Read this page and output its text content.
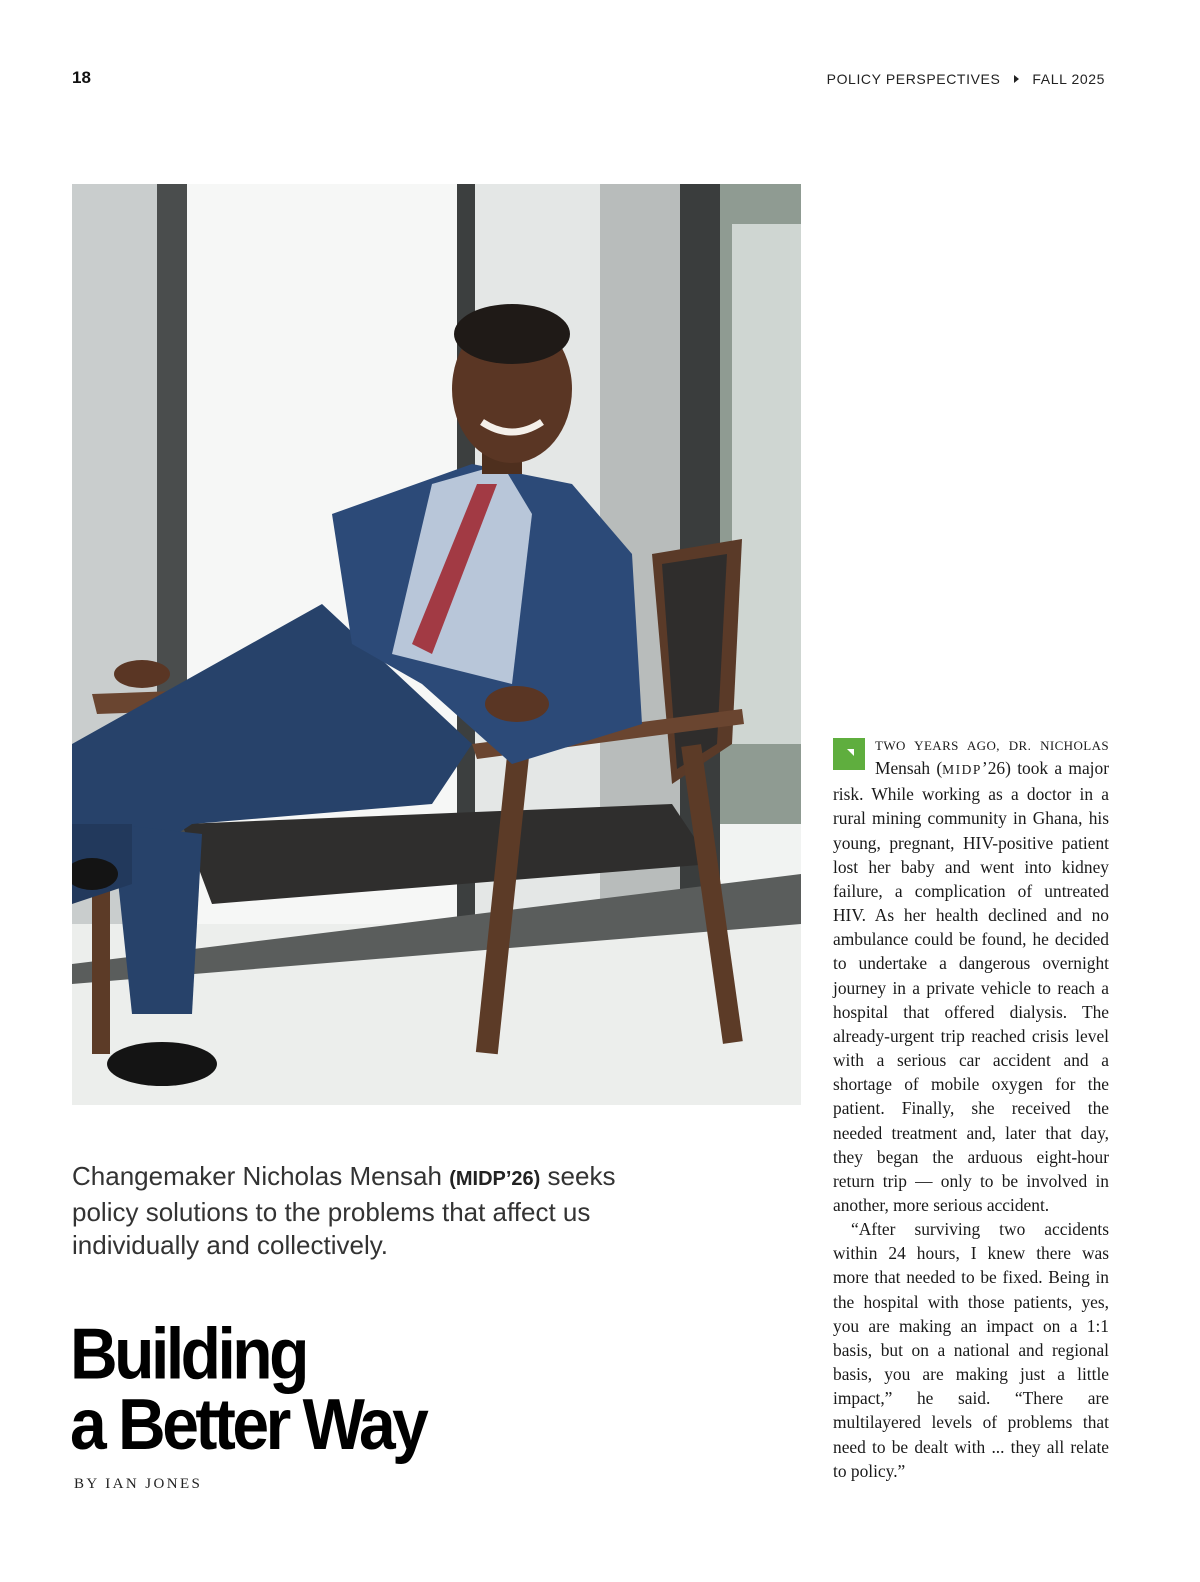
18	POLICY PERSPECTIVES FALL 2025
Changemaker Nicholas Mensah (MIDP’26) seeks policy solutions to the problems that affect us individually and collectively.
Building
a Better Way
BY IAN JONES

TWO YEARS AGO, DR. NICHOLAS Mensah (MIDP’26) took a major risk. While working as a doctor in a rural mining community in Ghana, his young, pregnant, HIV-positive patient lost her baby and went into kidney failure, a complication of untreated HIV. As her health declined and no ambulance could be found, he decided to undertake a dangerous overnight journey in a private vehicle to reach a hospital that offered dialysis. The already-urgent trip reached crisis level with a serious car accident and a shortage of mobile oxygen for the patient. Finally, she received the needed treatment and, later that day, they began the arduous eight-hour return trip — only to be involved in another, more serious accident.

“After surviving two accidents within 24 hours, I knew there was more that needed to be fixed. Being in the hospital with those patients, yes, you are making an impact on a 1:1 basis, but on a national and regional basis, you are making just a little impact,” he said. “There are multilayered levels of problems that need to be dealt with ... they all relate to policy.”
